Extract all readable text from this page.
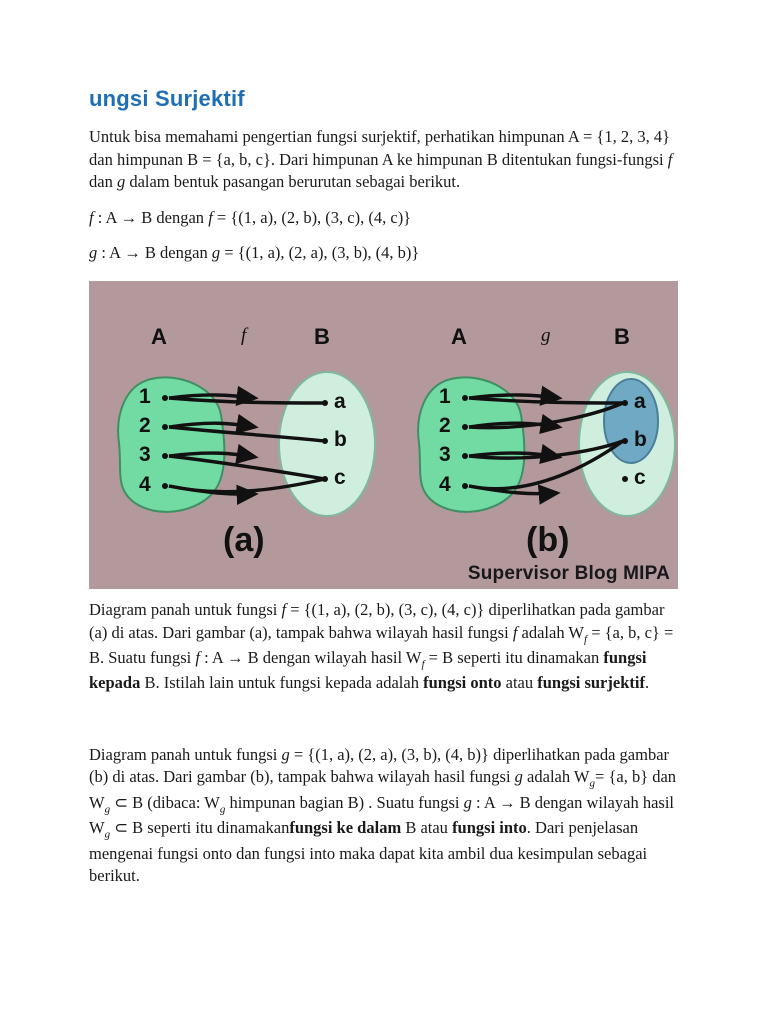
ungsi Surjektif

Untuk bisa memahami pengertian fungsi surjektif, perhatikan himpunan A = {1, 2, 3, 4} dan himpunan B = {a, b, c}. Dari himpunan A ke himpunan B ditentukan fungsi-fungsi f dan g dalam bentuk pasangan berurutan sebagai berikut.

f : A → B dengan f = {(1, a), (2, b), (3, c), (4, c)}

g : A → B dengan g = {(1, a), (2, a), (3, b), (4, b)}

A	B
f
1
2
3
4
a
b
c
A	B
g
1
2
3
4
a
b
c
(a)	(b)
Supervisor Blog MIPA

Diagram panah untuk fungsi f = {(1, a), (2, b), (3, c), (4, c)} diperlihatkan pada gambar (a) di atas. Dari gambar (a), tampak bahwa wilayah hasil fungsi f adalah $W_f = \{a$, b, c} = B. Suatu fungsi f : A → B dengan wilayah hasil $W_f = B$ seperti itu dinamakan fungsi kepada B. Istilah lain untuk fungsi kepada adalah fungsi onto atau fungsi surjektif.

Diagram panah untuk fungsi g = {(1, a), (2, a), (3, b), (4, b)} diperlihatkan pada gambar (b) di atas. Dari gambar (b), tampak bahwa wilayah hasil fungsi g adalah $W_g= \{a$, b} dan $W_g$ ⊂ B (dibaca: $W_g$ himpunan bagian B) . Suatu fungsi g : A → B dengan wilayah hasil $W_g$ ⊂ B seperti itu dinamakanfungsi ke dalam B atau fungsi into. Dari penjelasan mengenai fungsi onto dan fungsi into maka dapat kita ambil dua kesimpulan sebagai berikut.
